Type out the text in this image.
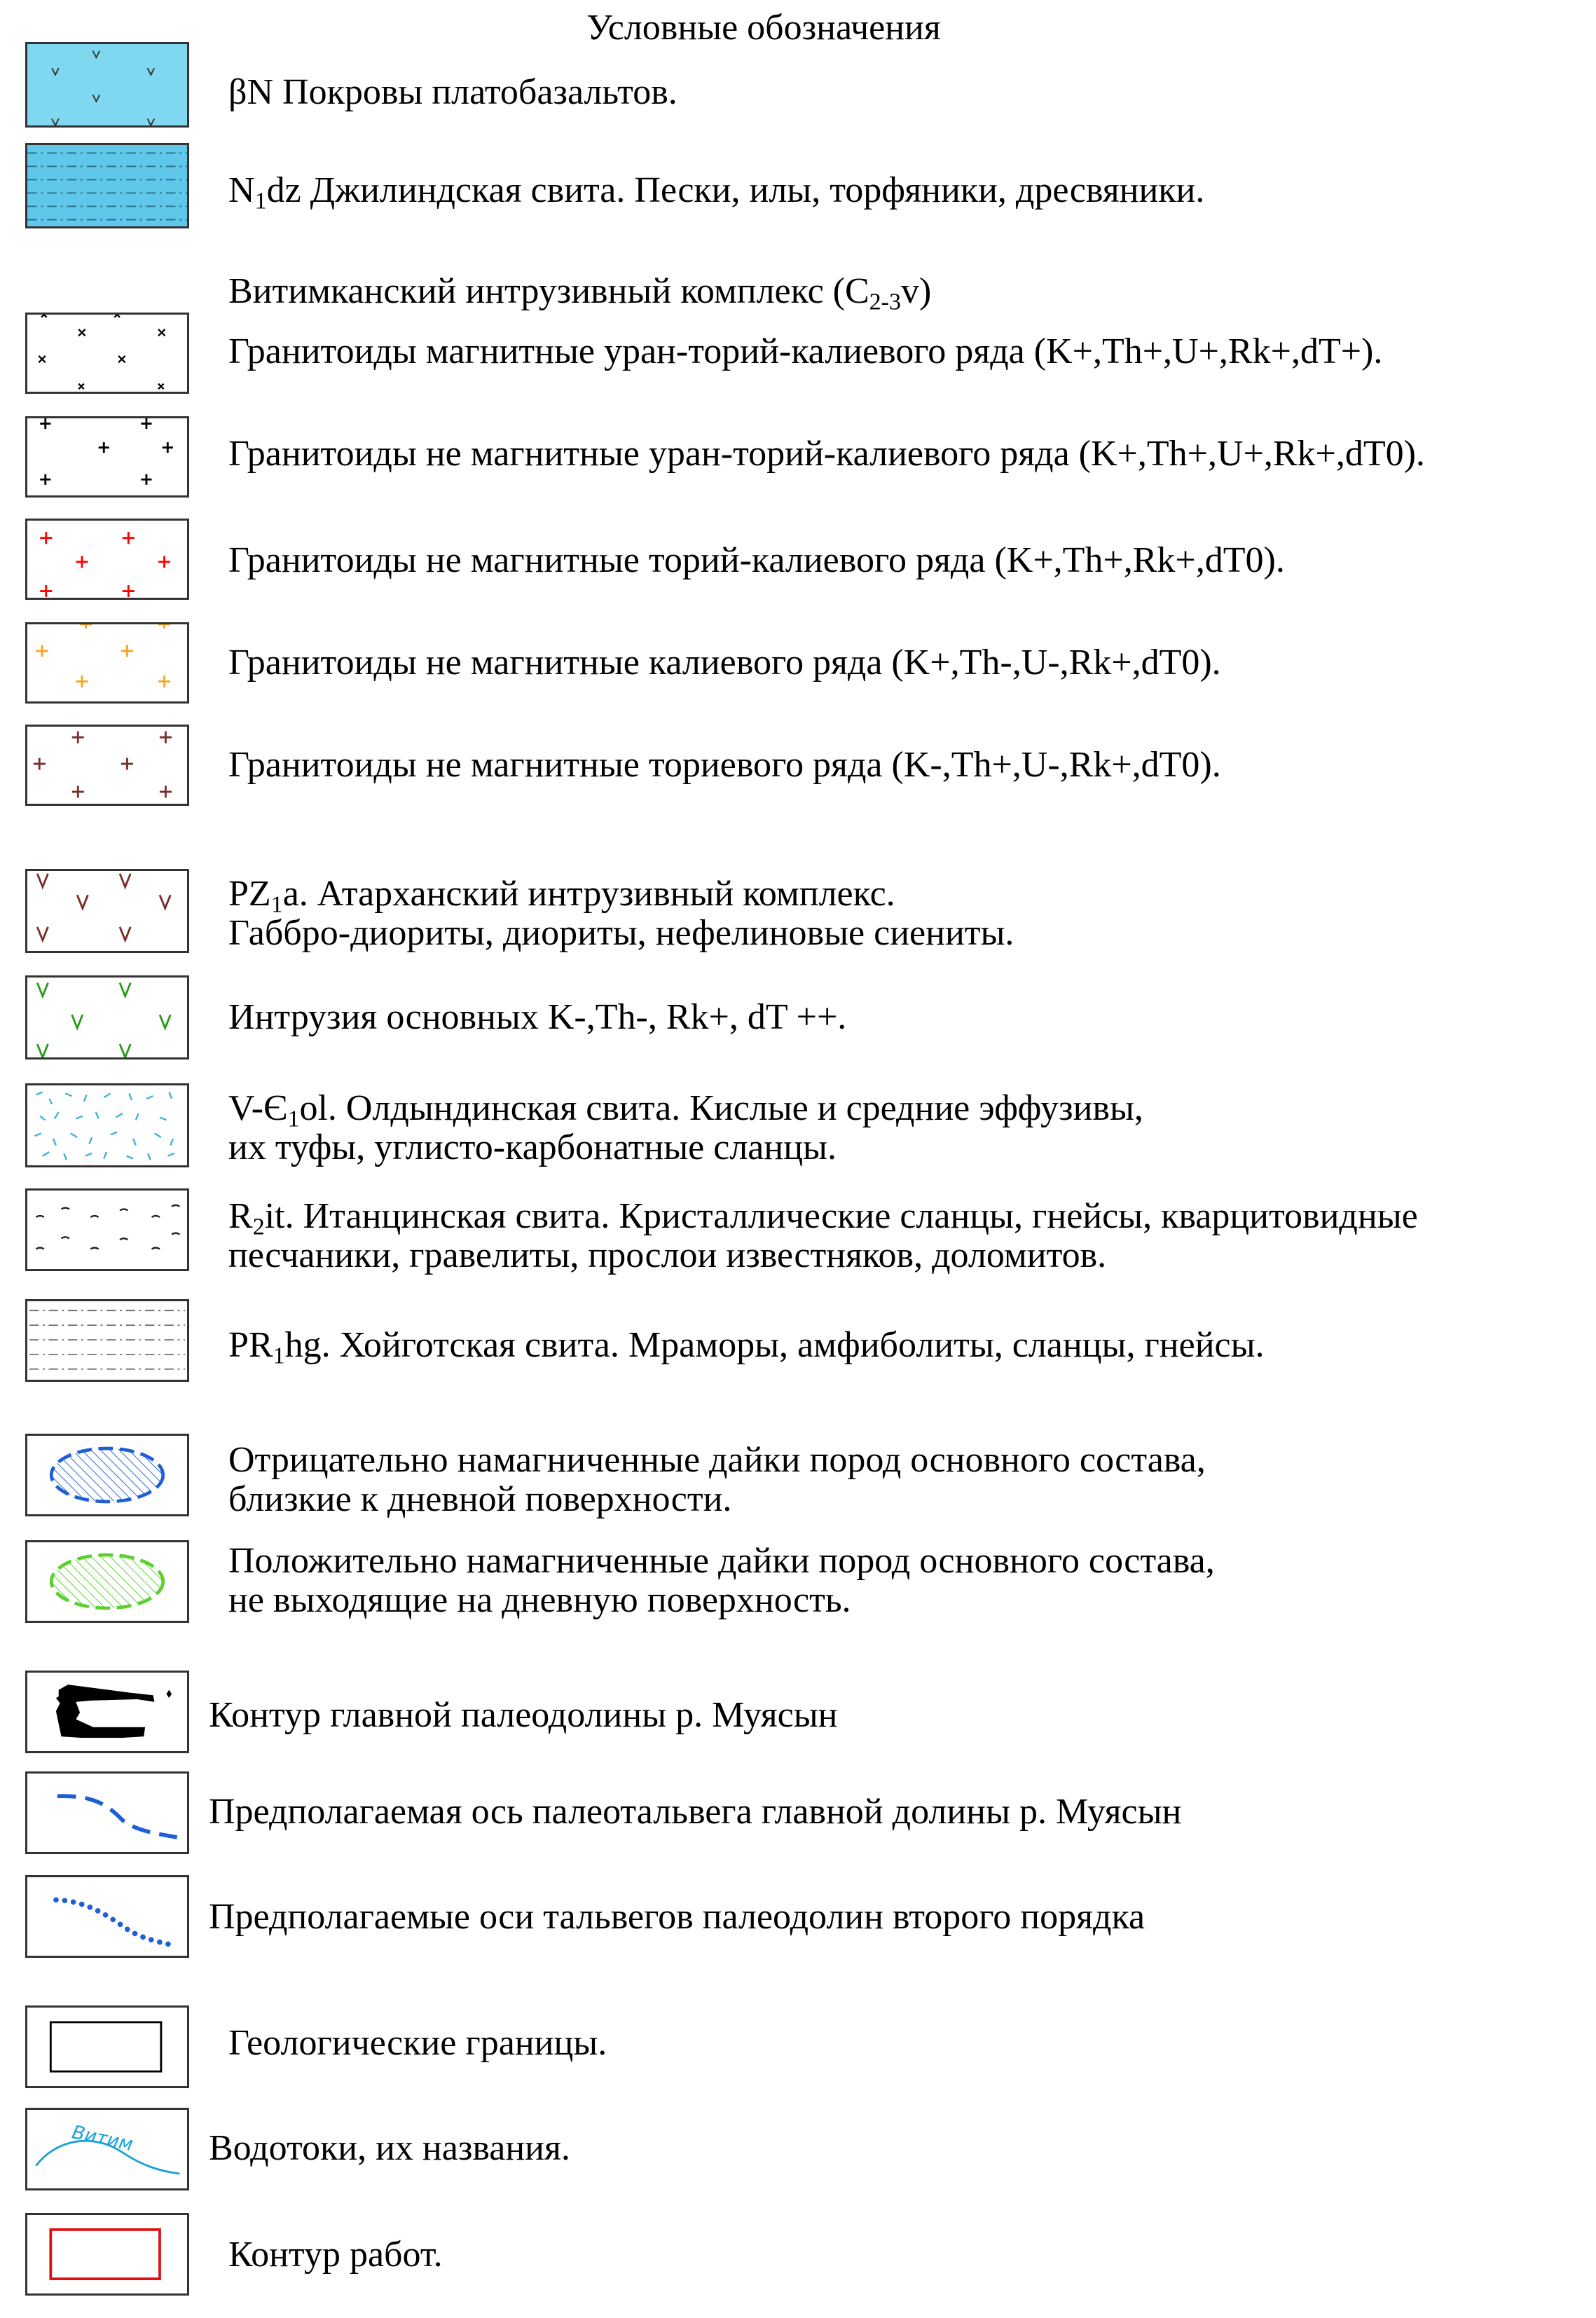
Условные обозначения
βN Покровы платобазальтов.
$N_1dz$ Джилиндская свита. Пески, илы, торфяники, дресвяники.
Витимканский интрузивный комплекс $(C_{2-3}v)$
Гранитоиды магнитные уран-торий-калиевого ряда (K+,Th+,U+,Rk+,dT+).
Гранитоиды не магнитные уран-торий-калиевого ряда (K+,Th+,U+,Rk+,dT0).
Гранитоиды не магнитные торий-калиевого ряда (K+,Th+,Rk+,dT0).
Гранитоиды не магнитные калиевого ряда (K+,Th-,U-,Rk+,dT0).
Гранитоиды не магнитные ториевого ряда (K-,Th+,U-,Rk+,dT0).
$PZ_1a$. Атарханский интрузивный комплекс.
Габбро-диориты, диориты, нефелиновые сиениты.
Интрузия основных K-,Th-, Rk+, dT ++.
$V-Є_1ol$. Олдындинская свита. Кислые и средние эффузивы,
их туфы, углисто-карбонатные сланцы.
$R_2it$. Итанцинская свита. Кристаллические сланцы, гнейсы, кварцитовидные
песчаники, гравелиты, прослои известняков, доломитов.
$PR_1hg$. Хойготская свита. Мраморы, амфиболиты, сланцы, гнейсы.
Отрицательно намагниченные дайки пород основного состава,
близкие к дневной поверхности.
Положительно намагниченные дайки пород основного состава,
не выходящие на дневную поверхность.
Контур главной палеодолины р. Муясын
Предполагаемая ось палеотальвега главной долины р. Муясын
Предполагаемые оси тальвегов палеодолин второго порядка
Геологические границы.
Витим Водотоки, их названия.
Контур работ.
